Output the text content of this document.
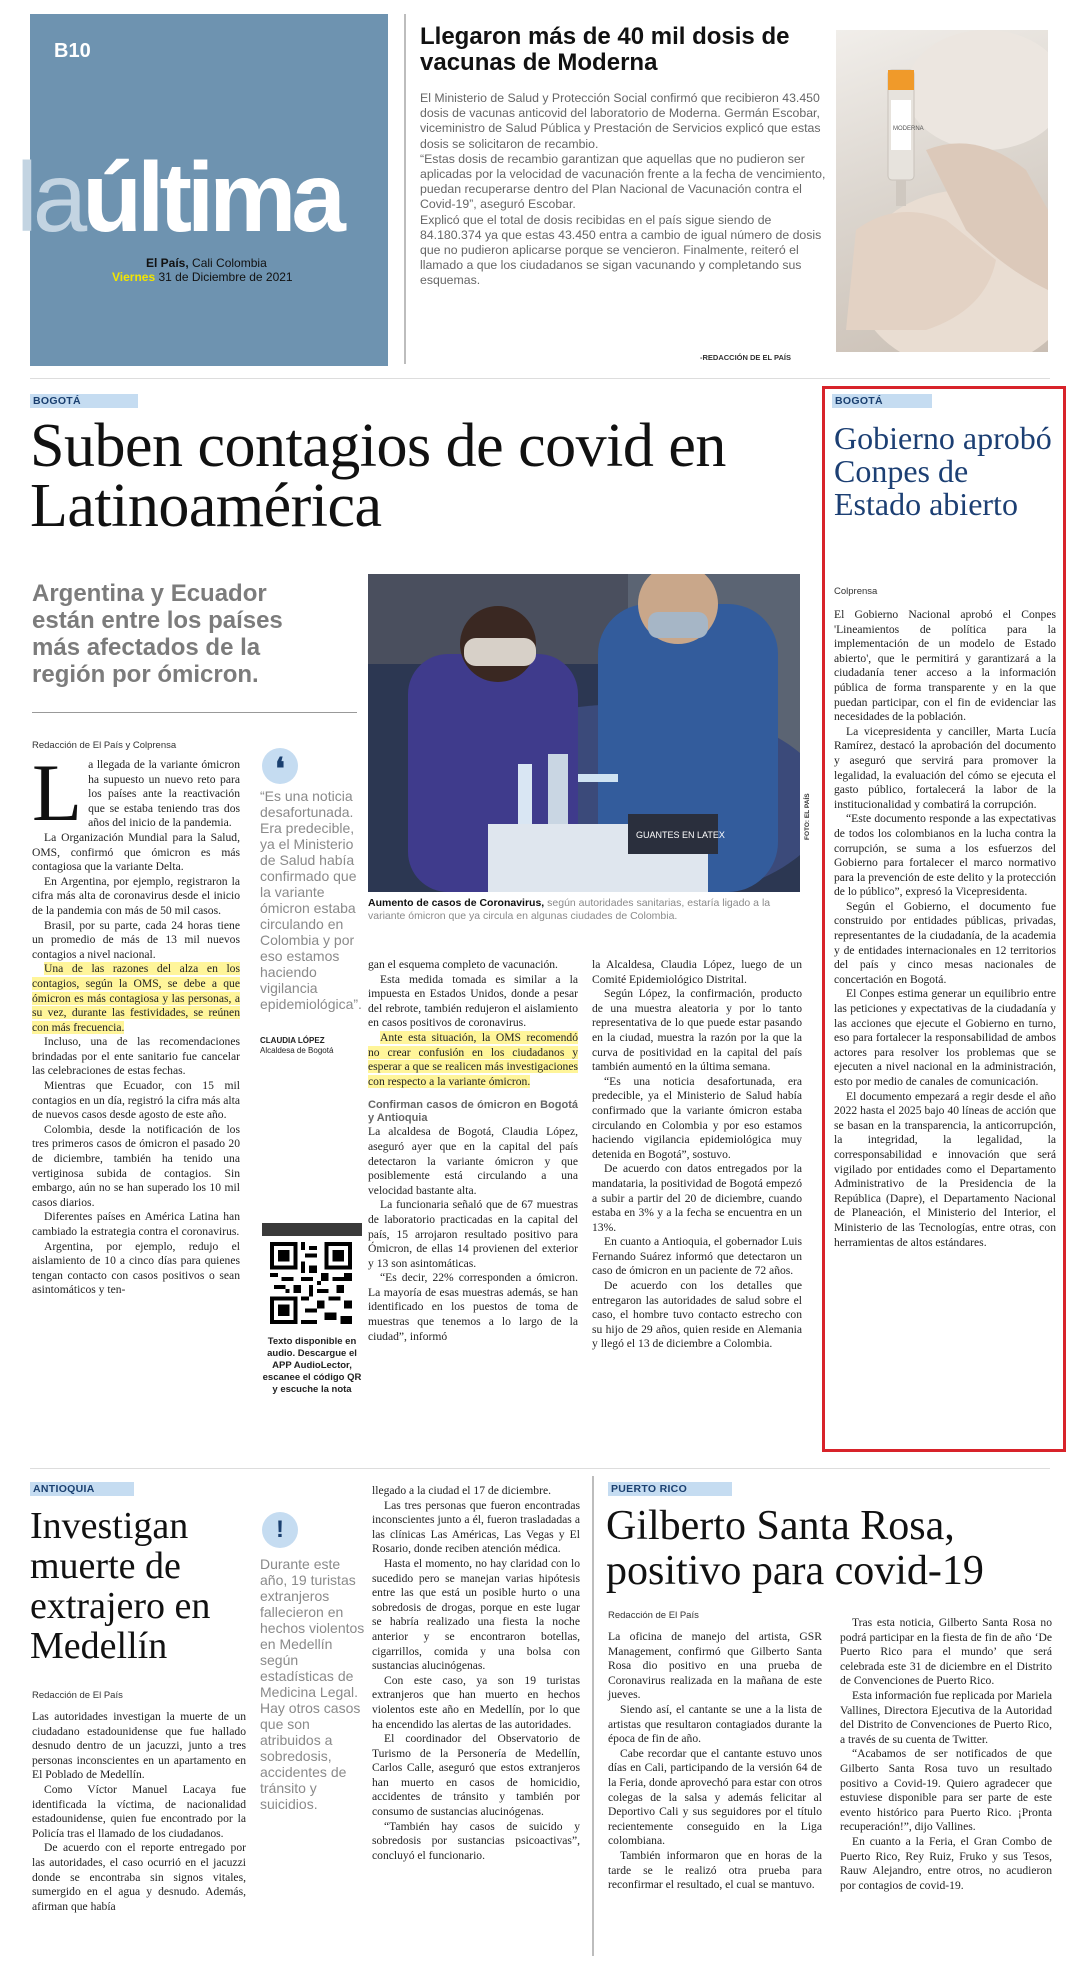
B10
laúltima
El País, Cali Colombia
Viernes 31 de Diciembre de 2021
Llegaron más de 40 mil dosis de vacunas de Moderna
El Ministerio de Salud y Protección Social confirmó que recibieron 43.450 dosis de vacunas anticovid del laboratorio de Moderna. Germán Escobar, viceministro de Salud Pública y Prestación de Servicios explicó que estas dosis se solicitaron de recambio.
“Estas dosis de recambio garantizan que aquellas que no pudieron ser aplicadas por la velocidad de vacunación frente a la fecha de vencimiento, puedan recuperarse dentro del Plan Nacional de Vacunación contra el Covid-19”, aseguró Escobar.
Explicó que el total de dosis recibidas en el país sigue siendo de 84.180.374 ya que estas 43.450 entra a cambio de igual número de dosis que no pudieron aplicarse porque se vencieron. Finalmente, reiteró el llamado a que los ciudadanos se sigan vacunando y completando sus esquemas.
-REDACCIÓN DE EL PAÍS
MODERNA
BOGOTÁ
Suben contagios de covid en Latinoamérica
Argentina y Ecuador están entre los países más afectados de la región por ómicron.
Redacción de El País y Colprensa
L a llegada de la variante ómicron ha supuesto un nuevo reto para los países ante la reactivación que se estaba teniendo tras dos años del inicio de la pandemia.

La Organización Mundial para la Salud, OMS, confirmó que ómicron es más contagiosa que la variante Delta.

En Argentina, por ejemplo, registraron la cifra más alta de coronavirus desde el inicio de la pandemia con más de 50 mil casos.

Brasil, por su parte, cada 24 horas tiene un promedio de más de 13 mil nuevos contagios a nivel nacional.

Una de las razones del alza en los contagios, según la OMS, se debe a que ómicron es más contagiosa y las personas, a su vez, durante las festividades, se reúnen con más frecuencia.

Incluso, una de las recomendaciones brindadas por el ente sanitario fue cancelar las celebraciones de estas fechas.

Mientras que Ecuador, con 15 mil contagios en un día, registró la cifra más alta de nuevos casos desde agosto de este año.

Colombia, desde la notificación de los tres primeros casos de ómicron el pasado 20 de diciembre, también ha tenido una vertiginosa subida de contagios. Sin embargo, aún no se han superado los 10 mil casos diarios.

Diferentes países en América Latina han cambiado la estrategia contra el coronavirus.

Argentina, por ejemplo, redujo el aislamiento de 10 a cinco días para quienes tengan contacto con casos positivos o sean asintomáticos y ten-

❛
“Es una noticia desafortunada. Era predecible, ya el Ministerio de Salud había confirmado que la variante ómicron estaba circulando en Colombia y por eso estamos haciendo vigilancia epidemiológica”.
CLAUDIA LÓPEZ
Alcaldesa de Bogotá
Texto disponible en audio. Descargue el APP AudioLector, escanee el código QR y escuche la nota
GUANTES EN LATEX	FOTO: EL PAÍS
Aumento de casos de Coronavirus, según autoridades sanitarias, estaría ligado a la variante ómicron que ya circula en algunas ciudades de Colombia.

gan el esquema completo de vacunación.

Esta medida tomada es similar a la impuesta en Estados Unidos, donde a pesar del rebrote, también redujeron el aislamiento en casos positivos de coronavirus.

Ante esta situación, la OMS recomendó no crear confusión en los ciudadanos y esperar a que se realicen más investigaciones con respecto a la variante ómicron.

Confirman casos de ómicron en Bogotá y Antioquia

La alcaldesa de Bogotá, Claudia López, aseguró ayer que en la capital del país detectaron la variante ómicron y que posiblemente está circulando a una velocidad bastante alta.

La funcionaria señaló que de 67 muestras de laboratorio practicadas en la capital del país, 15 arrojaron resultado positivo para Ómicron, de ellas 14 provienen del exterior y 13 son asintomáticas.

“Es decir, 22% corresponden a ómicron. La mayoría de esas muestras además, se han identificado en los puestos de toma de muestras que tenemos a lo largo de la ciudad”, informó

la Alcaldesa, Claudia López, luego de un Comité Epidemiológico Distrital.

Según López, la confirmación, producto de una muestra aleatoria y por lo tanto representativa de lo que puede estar pasando en la ciudad, muestra la razón por la que la curva de positividad en la capital del país también aumentó en la última semana.

“Es una noticia desafortunada, era predecible, ya el Ministerio de Salud había confirmado que la variante ómicron estaba circulando en Colombia y por eso estamos haciendo vigilancia epidemiológica muy detenida en Bogotá”, sostuvo.

De acuerdo con datos entregados por la mandataria, la positividad de Bogotá empezó a subir a partir del 20 de diciembre, cuando estaba en 3% y a la fecha se encuentra en un 13%.

En cuanto a Antioquia, el gobernador Luis Fernando Suárez informó que detectaron un caso de ómicron en un paciente de 72 años.

De acuerdo con los detalles que entregaron las autoridades de salud sobre el caso, el hombre tuvo contacto estrecho con su hijo de 29 años, quien reside en Alemania y llegó el 13 de diciembre a Colombia.

BOGOTÁ
Gobierno aprobó Conpes de Estado abierto
Colprensa

El Gobierno Nacional aprobó el Conpes 'Lineamientos de política para la implementación de un modelo de Estado abierto', que le permitirá y garantizará a la ciudadanía tener acceso a la información pública de forma transparente y en la que puedan participar, con el fin de evidenciar las necesidades de la población.

La vicepresidenta y canciller, Marta Lucía Ramírez, destacó la aprobación del documento y aseguró que servirá para promover la legalidad, la evaluación del cómo se ejecuta el gasto público, fortalecerá la labor de la institucionalidad y combatirá la corrupción.

“Este documento responde a las expectativas de todos los colombianos en la lucha contra la corrupción, se suma a los esfuerzos del Gobierno para fortalecer el marco normativo para la prevención de este delito y la protección de lo público”, expresó la Vicepresidenta.

Según el Gobierno, el documento fue construido por entidades públicas, privadas, representantes de la ciudadanía, de la academia y de entidades internacionales en 12 territorios del país y cinco mesas nacionales de concertación en Bogotá.

El Conpes estima generar un equilibrio entre las peticiones y expectativas de la ciudadanía y las acciones que ejecute el Gobierno en turno, eso para fortalecer la responsabilidad de ambos actores para resolver los problemas que se ejecuten a nivel nacional en la administración, esto por medio de canales de comunicación.

El documento empezará a regir desde el año 2022 hasta el 2025 bajo 40 líneas de acción que se basan en la transparencia, la anticorrupción, la integridad, la legalidad, la corresponsabilidad e innovación que será vigilado por entidades como el Departamento Administrativo de la Presidencia de la República (Dapre), el Departamento Nacional de Planeación, el Ministerio del Interior, el Ministerio de las Tecnologías, entre otras, con herramientas de altos estándares.

ANTIOQUIA
Investigan muerte de extrajero en Medellín
Redacción de El País

Las autoridades investigan la muerte de un ciudadano estadounidense que fue hallado desnudo dentro de un jacuzzi, junto a tres personas inconscientes en un apartamento en El Poblado de Medellín.

Como Víctor Manuel Lacaya fue identificada la víctima, de nacionalidad estadounidense, quien fue encontrado por la Policía tras el llamado de los ciudadanos.

De acuerdo con el reporte entregado por las autoridades, el caso ocurrió en el jacuzzi donde se encontraba sin signos vitales, sumergido en el agua y desnudo. Además, afirman que había

!
Durante este año, 19 turistas extranjeros fallecieron en hechos violentos en Medellín según estadísticas de Medicina Legal. Hay otros casos que son atribuidos a sobredosis, accidentes de tránsito y suicidios.

llegado a la ciudad el 17 de diciembre.

Las tres personas que fueron encontradas inconscientes junto a él, fueron trasladadas a las clínicas Las Américas, Las Vegas y El Rosario, donde reciben atención médica.

Hasta el momento, no hay claridad con lo sucedido pero se manejan varias hipótesis entre las que está un posible hurto o una sobredosis de drogas, porque en este lugar se habría realizado una fiesta la noche anterior y se encontraron botellas, cigarrillos, comida y una bolsa con sustancias alucinógenas.

Con este caso, ya son 19 turistas extranjeros que han muerto en hechos violentos este año en Medellín, por lo que ha encendido las alertas de las autoridades.

El coordinador del Observatorio de Turismo de la Personería de Medellín, Carlos Calle, aseguró que estos extranjeros han muerto en casos de homicidio, accidentes de tránsito y también por consumo de sustancias alucinógenas.

“También hay casos de suicido y sobredosis por sustancias psicoactivas”, concluyó el funcionario.

PUERTO RICO
Gilberto Santa Rosa, positivo para covid-19
Redacción de El País

La oficina de manejo del artista, GSR Management, confirmó que Gilberto Santa Rosa dio positivo en una prueba de Coronavirus realizada en la mañana de este jueves.

Siendo así, el cantante se une a la lista de artistas que resultaron contagiados durante la época de fin de año.

Cabe recordar que el cantante estuvo unos días en Cali, participando de la versión 64 de la Feria, donde aprovechó para estar con otros colegas de la salsa y además felicitar al Deportivo Cali y sus seguidores por el título recientemente conseguido en la Liga colombiana.

También informaron que en horas de la tarde se le realizó otra prueba para reconfirmar el resultado, el cual se mantuvo.

Tras esta noticia, Gilberto Santa Rosa no podrá participar en la fiesta de fin de año ‘De Puerto Rico para el mundo’ que será celebrada este 31 de diciembre en el Distrito de Convenciones de Puerto Rico.

Esta información fue replicada por Mariela Vallines, Directora Ejecutiva de la Autoridad del Distrito de Convenciones de Puerto Rico, a través de su cuenta de Twitter.

“Acabamos de ser notificados de que Gilberto Santa Rosa tuvo un resultado positivo a Covid-19. Quiero agradecer que estuviese disponible para ser parte de este evento histórico para Puerto Rico. ¡Pronta recuperación!”, dijo Vallines.

En cuanto a la Feria, el Gran Combo de Puerto Rico, Rey Ruiz, Fruko y sus Tesos, Rauw Alejandro, entre otros, no acudieron por contagios de covid-19.
